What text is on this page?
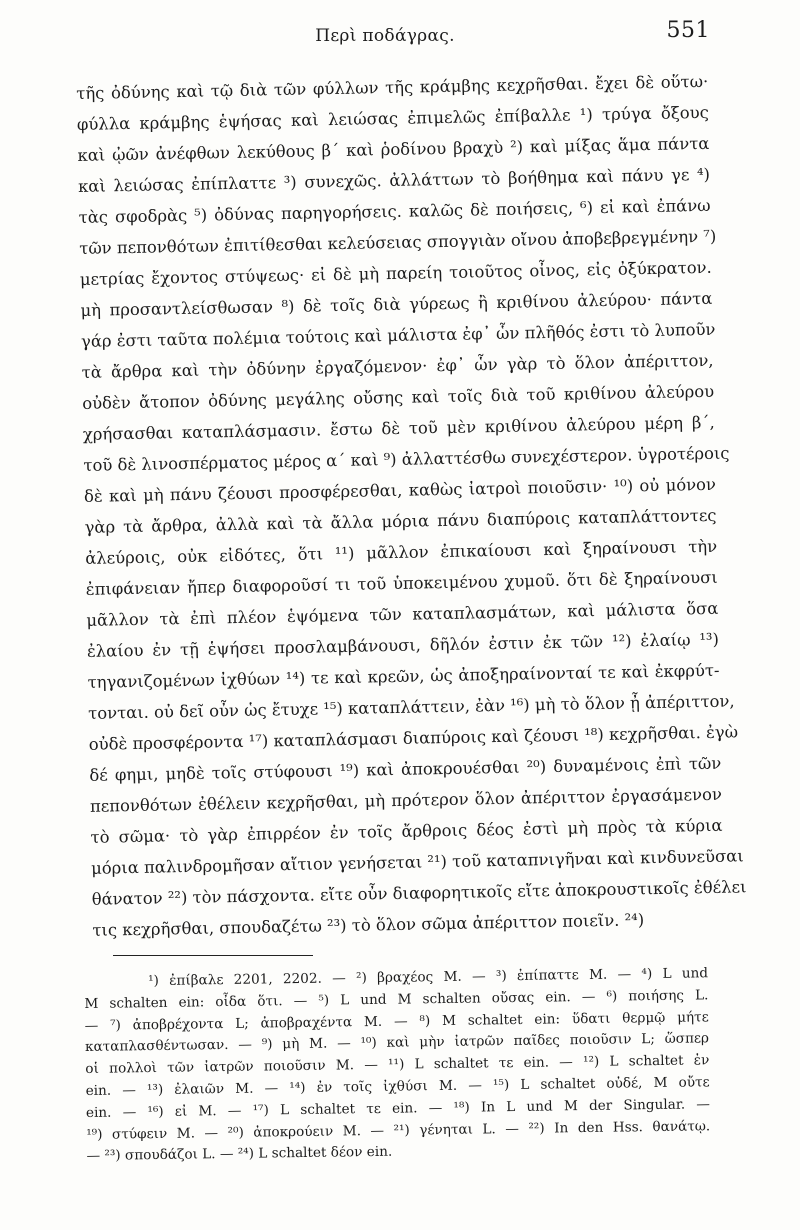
Περὶ ποδάγρας.	551
τῆς ὀδύνης καὶ τῷ διὰ τῶν φύλλων τῆς κράμβης κεχρῆσθαι. ἔχει δὲ οὕτω·
φύλλα κράμβης ἑψήσας καὶ λειώσας ἐπιμελῶς ἐπίβαλλε ¹) τρύγα ὄξους
καὶ ᾠῶν ἀνέφθων λεκύθους β΄ καὶ ῥοδίνου βραχὺ ²) καὶ μίξας ἅμα πάντα
καὶ λειώσας ἐπίπλαττε ³) συνεχῶς. ἀλλάττων τὸ βοήθημα καὶ πάνυ γε ⁴)
τὰς σφοδρὰς ⁵) ὀδύνας παρηγορήσεις. καλῶς δὲ ποιήσεις, ⁶) εἰ καὶ ἐπάνω
τῶν πεπονθότων ἐπιτίθεσθαι κελεύσειας σπογγιὰν οἴνου ἀποβεβρεγμένην ⁷)
μετρίας ἔχοντος στύψεως· εἰ δὲ μὴ παρείη τοιοῦτος οἶνος, εἰς ὀξύκρατον.
μὴ προσαντλείσθωσαν ⁸) δὲ τοῖς διὰ γύρεως ἢ κριθίνου ἀλεύρου· πάντα
γάρ ἐστι ταῦτα πολέμια τούτοις καὶ μάλιστα ἐφ᾽ ὧν πλῆθός ἐστι τὸ λυποῦν
τὰ ἄρθρα καὶ τὴν ὀδύνην ἐργαζόμενον· ἐφ᾽ ὧν γὰρ τὸ ὅλον ἀπέριττον,
οὐδὲν ἄτοπον ὀδύνης μεγάλης οὔσης καὶ τοῖς διὰ τοῦ κριθίνου ἀλεύρου
χρήσασθαι καταπλάσμασιν. ἔστω δὲ τοῦ μὲν κριθίνου ἀλεύρου μέρη β΄,
τοῦ δὲ λινοσπέρματος μέρος α΄ καὶ ⁹) ἀλλαττέσθω συνεχέστερον. ὑγροτέροις
δὲ καὶ μὴ πάνυ ζέουσι προσφέρεσθαι, καθὼς ἰατροὶ ποιοῦσιν· ¹⁰) οὐ μόνον
γὰρ τὰ ἄρθρα, ἀλλὰ καὶ τὰ ἄλλα μόρια πάνυ διαπύροις καταπλάττοντες
ἀλεύροις, οὐκ εἰδότες, ὅτι ¹¹) μᾶλλον ἐπικαίουσι καὶ ξηραίνουσι τὴν
ἐπιφάνειαν ἤπερ διαφοροῦσί τι τοῦ ὑποκειμένου χυμοῦ. ὅτι δὲ ξηραίνουσι
μᾶλλον τὰ ἐπὶ πλέον ἑψόμενα τῶν καταπλασμάτων, καὶ μάλιστα ὅσα
ἐλαίου ἐν τῇ ἑψήσει προσλαμβάνουσι, δῆλόν ἐστιν ἐκ τῶν ¹²) ἐλαίῳ ¹³)
τηγανιζομένων ἰχθύων ¹⁴) τε καὶ κρεῶν, ὡς ἀποξηραίνονταί τε καὶ ἐκφρύτ-
τονται. οὐ δεῖ οὖν ὡς ἔτυχε ¹⁵) καταπλάττειν, ἐὰν ¹⁶) μὴ τὸ ὅλον ᾖ ἀπέριττον,
οὐδὲ προσφέροντα ¹⁷) καταπλάσμασι διαπύροις καὶ ζέουσι ¹⁸) κεχρῆσθαι. ἐγὼ
δέ φημι, μηδὲ τοῖς στύφουσι ¹⁹) καὶ ἀποκρουέσθαι ²⁰) δυναμένοις ἐπὶ τῶν
πεπονθότων ἐθέλειν κεχρῆσθαι, μὴ πρότερον ὅλον ἀπέριττον ἐργασάμενον
τὸ σῶμα· τὸ γὰρ ἐπιρρέον ἐν τοῖς ἄρθροις δέος ἐστὶ μὴ πρὸς τὰ κύρια
μόρια παλινδρομῆσαν αἴτιον γενήσεται ²¹) τοῦ καταπνιγῆναι καὶ κινδυνεῦσαι
θάνατον ²²) τὸν πάσχοντα. εἴτε οὖν διαφορητικοῖς εἴτε ἀποκρουστικοῖς ἐθέλει
τις κεχρῆσθαι, σπουδαζέτω ²³) τὸ ὅλον σῶμα ἀπέριττον ποιεῖν. ²⁴)
¹) ἐπίβαλε 2201, 2202. — ²) βραχέος M. — ³) ἐπίπαττε M. — ⁴) L und
M schalten ein: οἶδα ὅτι. — ⁵) L und M schalten οὔσας ein. — ⁶) ποιήσης L.
— ⁷) ἀποβρέχοντα L; ἀποβραχέντα M. — ⁸) M schaltet ein: ὕδατι θερμῷ μήτε
καταπλασθέντωσαν. — ⁹) μὴ M. — ¹⁰) καὶ μὴν ἰατρῶν παῖδες ποιοῦσιν L; ὥσπερ
οἱ πολλοὶ τῶν ἰατρῶν ποιοῦσιν M. — ¹¹) L schaltet τε ein. — ¹²) L schaltet ἐν
ein. — ¹³) ἐλαιῶν M. — ¹⁴) ἐν τοῖς ἰχθύσι M. — ¹⁵) L schaltet οὐδέ, M οὔτε
ein. — ¹⁶) εἰ M. — ¹⁷) L schaltet τε ein. — ¹⁸) In L und M der Singular. —
¹⁹) στύφειν M. — ²⁰) ἀποκρούειν M. — ²¹) γένηται L. — ²²) In den Hss. θανάτῳ.
— ²³) σπουδάζοι L. — ²⁴) L schaltet δέον ein.
